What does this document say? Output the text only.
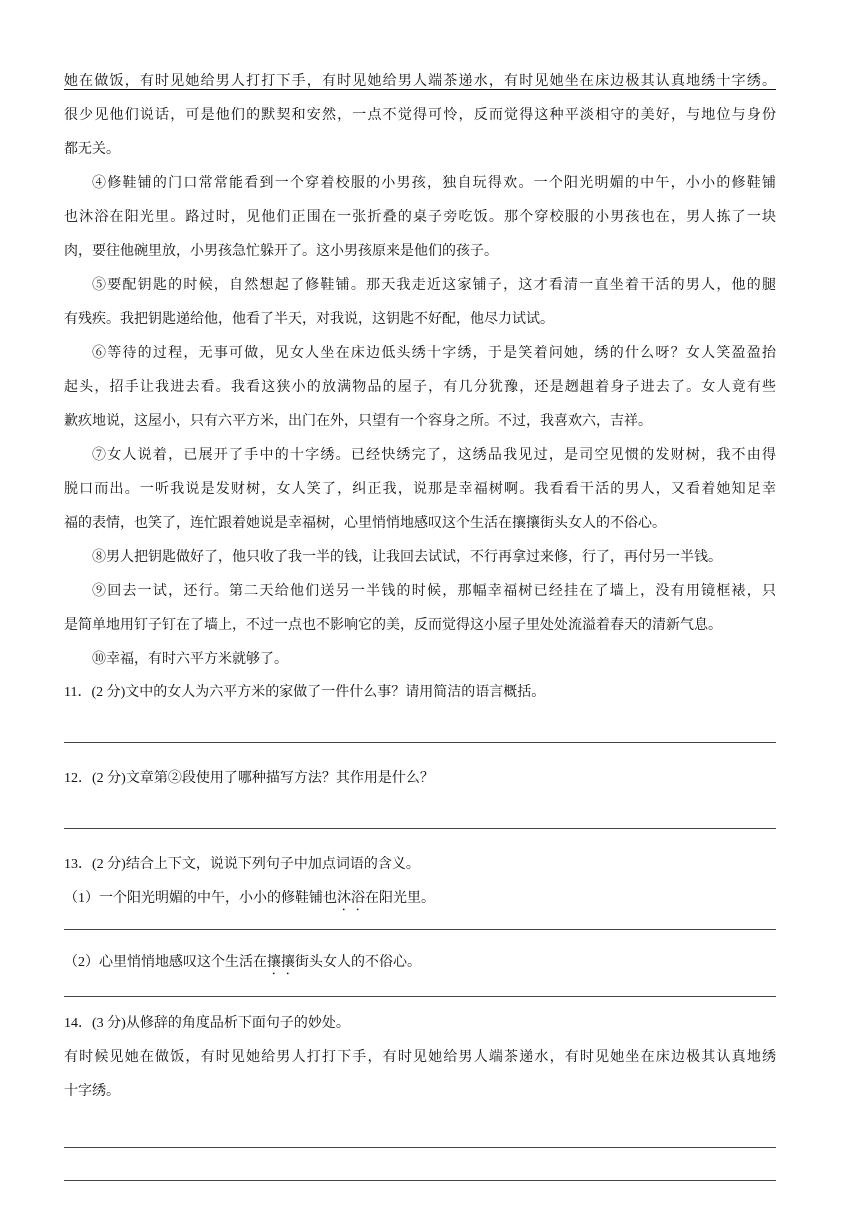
她在做饭，有时见她给男人打打下手，有时见她给男人端茶递水，有时见她坐在床边极其认真地绣十字绣。
很少见他们说话，可是他们的默契和安然，一点不觉得可怜，反而觉得这种平淡相守的美好，与地位与身份
都无关。
④修鞋铺的门口常常能看到一个穿着校服的小男孩，独自玩得欢。一个阳光明媚的中午，小小的修鞋铺
也沐浴在阳光里。路过时，见他们正围在一张折叠的桌子旁吃饭。那个穿校服的小男孩也在，男人拣了一块
肉，要往他碗里放，小男孩急忙躲开了。这小男孩原来是他们的孩子。
⑤要配钥匙的时候，自然想起了修鞋铺。那天我走近这家铺子，这才看清一直坐着干活的男人，他的腿
有残疾。我把钥匙递给他，他看了半天，对我说，这钥匙不好配，他尽力试试。
⑥等待的过程，无事可做，见女人坐在床边低头绣十字绣，于是笑着问她，绣的什么呀？女人笑盈盈抬
起头，招手让我进去看。我看这狭小的放满物品的屋子，有几分犹豫，还是趔趄着身子进去了。女人竟有些
歉疚地说，这屋小，只有六平方米，出门在外，只望有一个容身之所。不过，我喜欢六，吉祥。
⑦女人说着，已展开了手中的十字绣。已经快绣完了，这绣品我见过，是司空见惯的发财树，我不由得
脱口而出。一听我说是发财树，女人笑了，纠正我，说那是幸福树啊。我看看干活的男人，又看着她知足幸
福的表情，也笑了，连忙跟着她说是幸福树，心里悄悄地感叹这个生活在攘攘街头女人的不俗心。
⑧男人把钥匙做好了，他只收了我一半的钱，让我回去试试，不行再拿过来修，行了，再付另一半钱。
⑨回去一试，还行。第二天给他们送另一半钱的时候，那幅幸福树已经挂在了墙上，没有用镜框裱，只
是简单地用钉子钉在了墙上，不过一点也不影响它的美，反而觉得这小屋子里处处流溢着春天的清新气息。
⑩幸福，有时六平方米就够了。
11．(2 分)文中的女人为六平方米的家做了一件什么事？请用简洁的语言概括。
12．(2 分)文章第②段使用了哪种描写方法？其作用是什么？
13．(2 分)结合上下文，说说下列句子中加点词语的含义。
（1）一个阳光明媚的中午，小小的修鞋铺也沐浴在阳光里。
（2）心里悄悄地感叹这个生活在攘攘街头女人的不俗心。
14．(3 分)从修辞的角度品析下面句子的妙处。
有时候见她在做饭，有时见她给男人打打下手，有时见她给男人端茶递水，有时见她坐在床边极其认真地绣
十字绣。
